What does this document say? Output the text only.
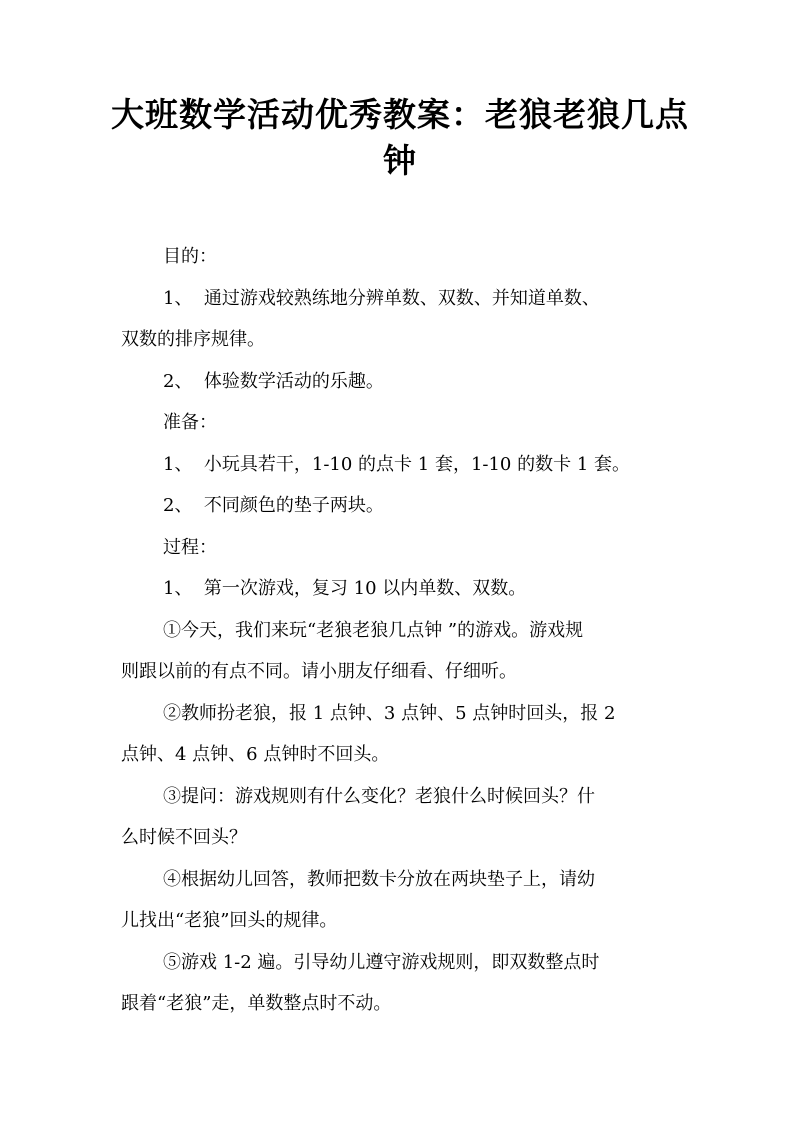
大班数学活动优秀教案：老狼老狼几点
钟

目的：

1、  通过游戏较熟练地分辨单数、双数、并知道单数、

双数的排序规律。

2、  体验数学活动的乐趣。

准备：

1、  小玩具若干，1-10 的点卡 1 套，1-10 的数卡 1 套。

2、  不同颜色的垫子两块。

过程：

1、  第一次游戏，复习 10 以内单数、双数。

①今天，我们来玩“老狼老狼几点钟 ”的游戏。游戏规

则跟以前的有点不同。请小朋友仔细看、仔细听。

②教师扮老狼，报 1 点钟、3 点钟、5 点钟时回头，报 2

点钟、4 点钟、6 点钟时不回头。

③提问：游戏规则有什么变化？老狼什么时候回头？什

么时候不回头？

④根据幼儿回答，教师把数卡分放在两块垫子上，请幼

儿找出“老狼”回头的规律。

⑤游戏 1-2 遍。引导幼儿遵守游戏规则，即双数整点时

跟着“老狼”走，单数整点时不动。
